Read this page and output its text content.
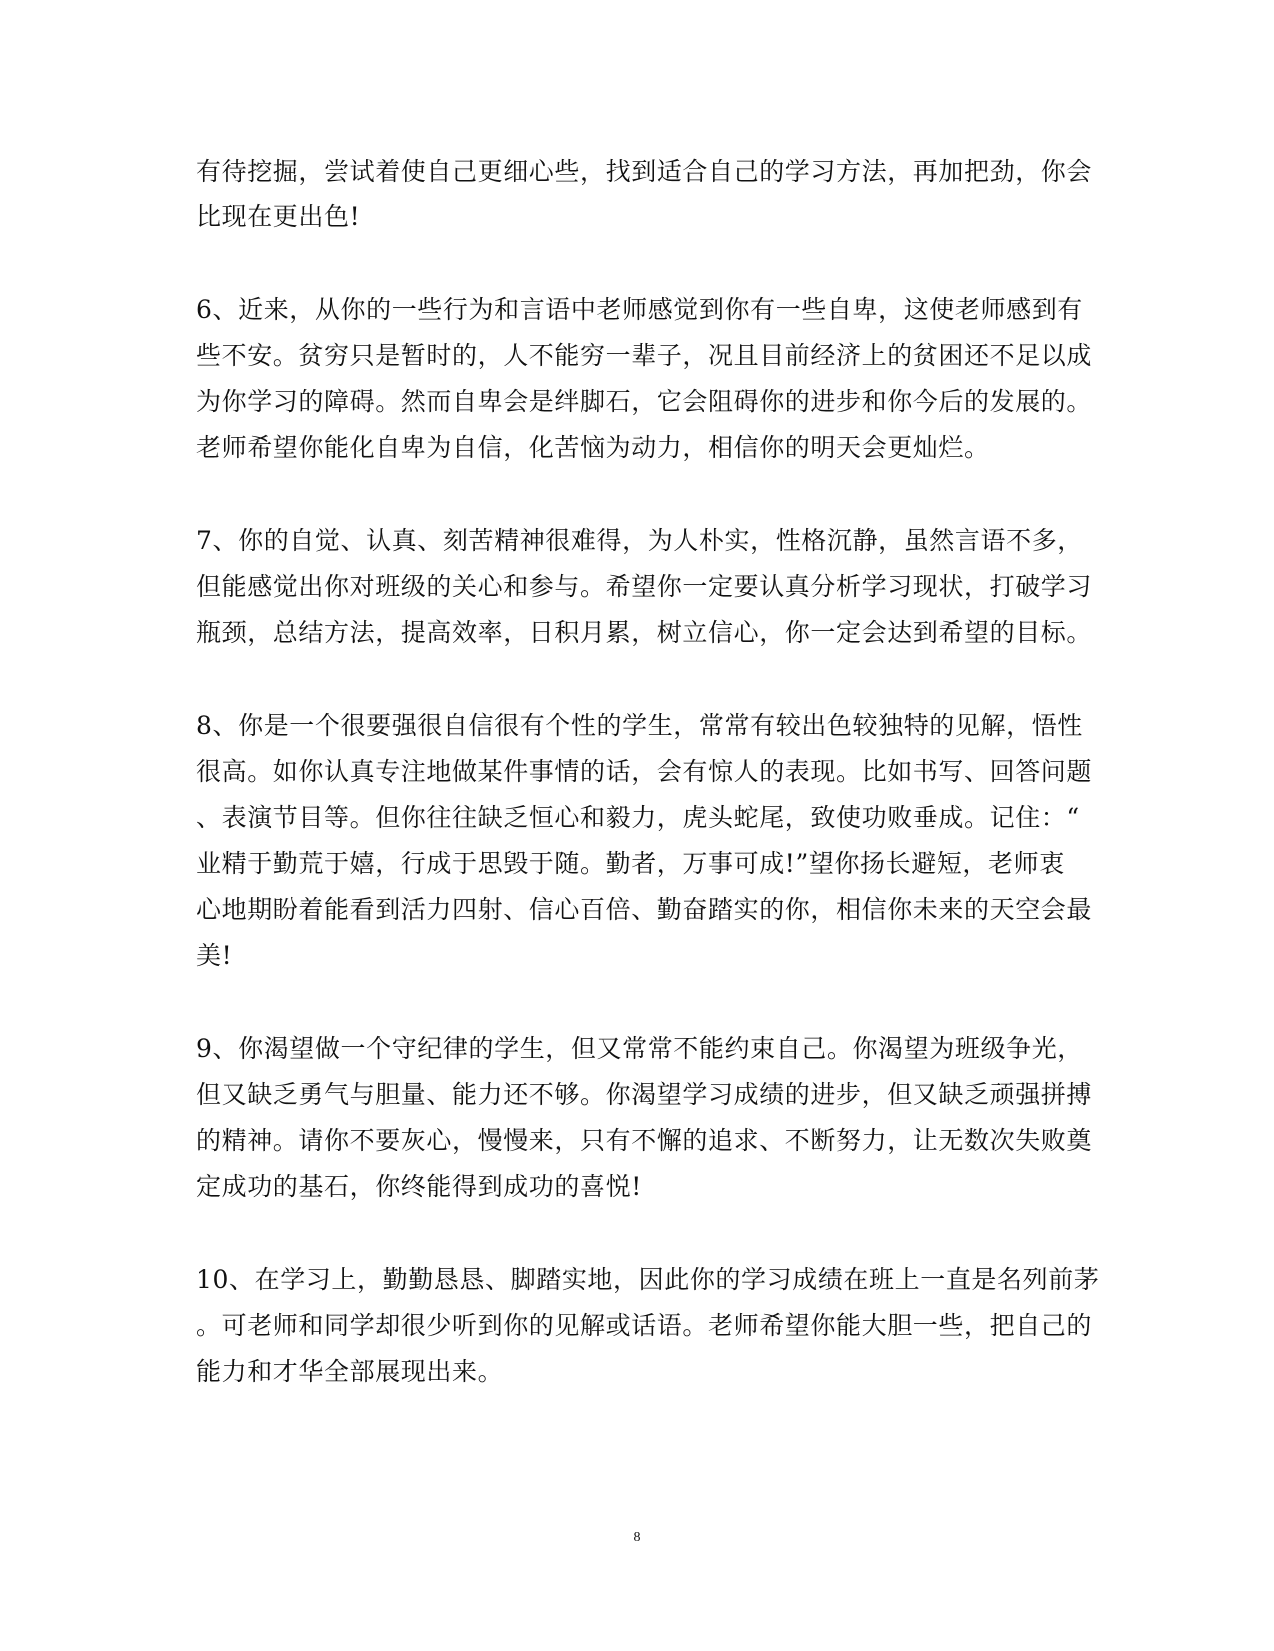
有待挖掘，尝试着使自己更细心些，找到适合自己的学习方法，再加把劲，你会
比现在更出色!
6、近来，从你的一些行为和言语中老师感觉到你有一些自卑，这使老师感到有
些不安。贫穷只是暂时的，人不能穷一辈子，况且目前经济上的贫困还不足以成
为你学习的障碍。然而自卑会是绊脚石，它会阻碍你的进步和你今后的发展的。
老师希望你能化自卑为自信，化苦恼为动力，相信你的明天会更灿烂。
7、你的自觉、认真、刻苦精神很难得，为人朴实，性格沉静，虽然言语不多，
但能感觉出你对班级的关心和参与。希望你一定要认真分析学习现状，打破学习
瓶颈，总结方法，提高效率，日积月累，树立信心，你一定会达到希望的目标。
8、你是一个很要强很自信很有个性的学生，常常有较出色较独特的见解，悟性
很高。如你认真专注地做某件事情的话，会有惊人的表现。比如书写、回答问题
、表演节目等。但你往往缺乏恒心和毅力，虎头蛇尾，致使功败垂成。记住：“
业精于勤荒于嬉，行成于思毁于随。勤者，万事可成!”望你扬长避短，老师衷
心地期盼着能看到活力四射、信心百倍、勤奋踏实的你，相信你未来的天空会最
美!
9、你渴望做一个守纪律的学生，但又常常不能约束自己。你渴望为班级争光，
但又缺乏勇气与胆量、能力还不够。你渴望学习成绩的进步，但又缺乏顽强拼搏
的精神。请你不要灰心，慢慢来，只有不懈的追求、不断努力，让无数次失败奠
定成功的基石，你终能得到成功的喜悦!
10、在学习上，勤勤恳恳、脚踏实地，因此你的学习成绩在班上一直是名列前茅
。可老师和同学却很少听到你的见解或话语。老师希望你能大胆一些，把自己的
能力和才华全部展现出来。
8
